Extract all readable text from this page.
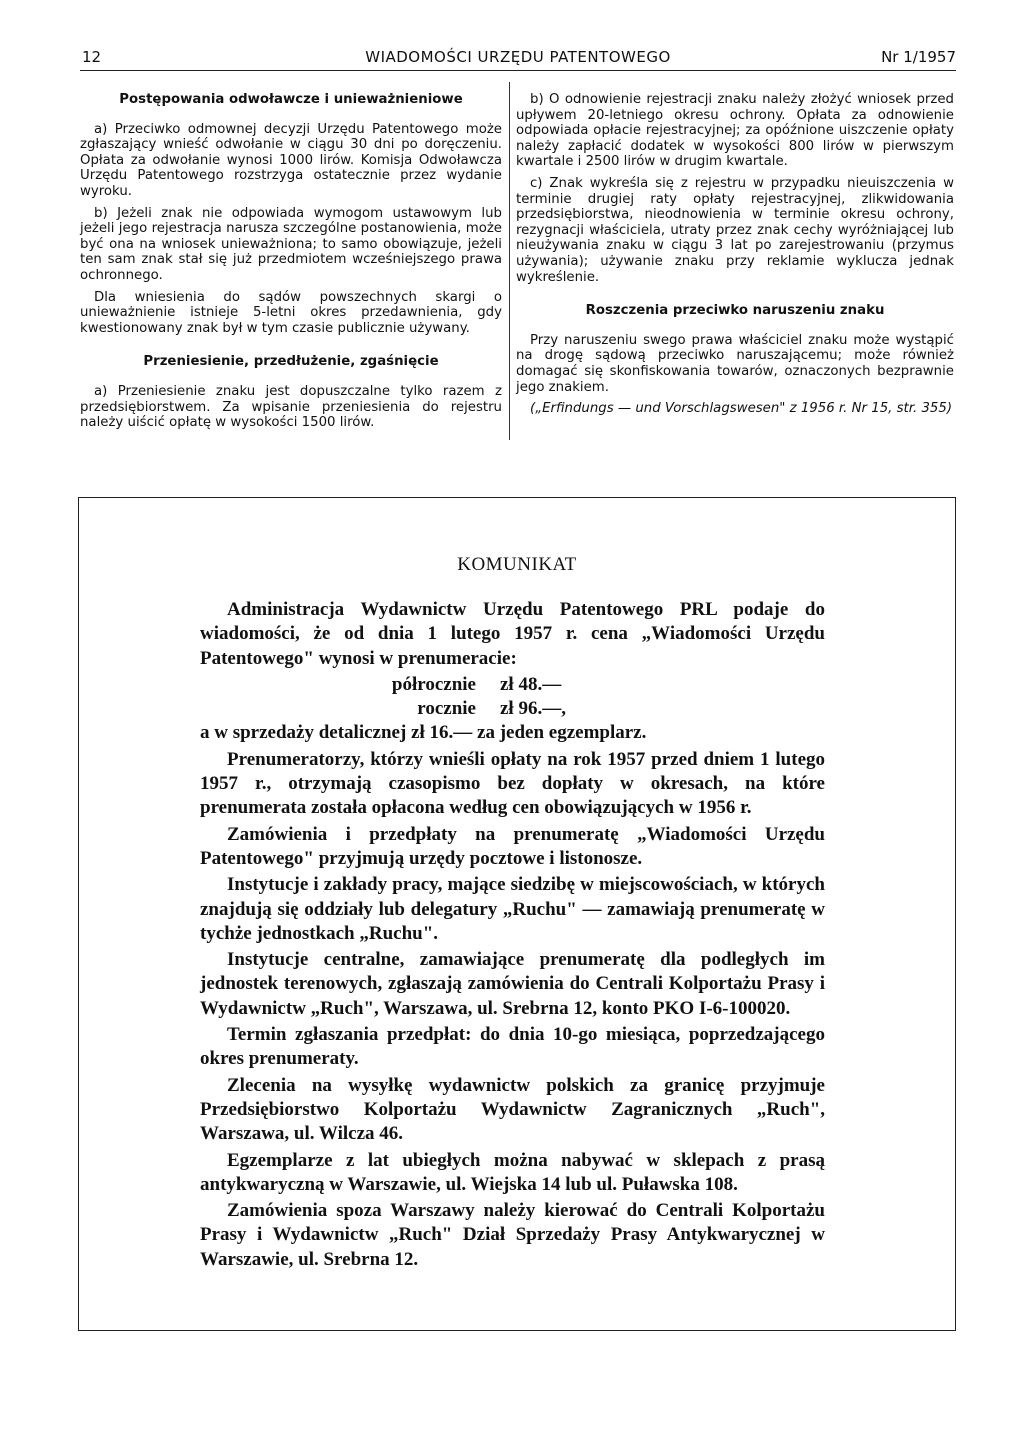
12	WIADOMOŚCI URZĘDU PATENTOWEGO	Nr 1/1957
Postępowania odwoławcze i unieważnieniowe

a) Przeciwko odmownej decyzji Urzędu Patentowego może zgłaszający wnieść odwołanie w ciągu 30 dni po doręczeniu. Opłata za odwołanie wynosi 1000 lirów. Komisja Odwoławcza Urzędu Patentowego rozstrzyga ostatecznie przez wydanie wyroku.

b) Jeżeli znak nie odpowiada wymogom ustawowym lub jeżeli jego rejestracja narusza szczególne postanowienia, może być ona na wniosek unieważniona; to samo obowiązuje, jeżeli ten sam znak stał się już przedmiotem wcześniejszego prawa ochronnego.

Dla wniesienia do sądów powszechnych skargi o unieważnienie istnieje 5-letni okres przedawnienia, gdy kwestionowany znak był w tym czasie publicznie używany.

Przeniesienie, przedłużenie, zgaśnięcie

a) Przeniesienie znaku jest dopuszczalne tylko razem z przedsiębiorstwem. Za wpisanie przeniesienia do rejestru należy uiścić opłatę w wysokości 1500 lirów.

b) O odnowienie rejestracji znaku należy złożyć wniosek przed upływem 20-letniego okresu ochrony. Opłata za odnowienie odpowiada opłacie rejestracyjnej; za opóźnione uiszczenie opłaty należy zapłacić dodatek w wysokości 800 lirów w pierwszym kwartale i 2500 lirów w drugim kwartale.

c) Znak wykreśla się z rejestru w przypadku nieuiszczenia w terminie drugiej raty opłaty rejestracyjnej, zlikwidowania przedsiębiorstwa, nieodnowienia w terminie okresu ochrony, rezygnacji właściciela, utraty przez znak cechy wyróżniającej lub nieużywania znaku w ciągu 3 lat po zarejestrowaniu (przymus używania); używanie znaku przy reklamie wyklucza jednak wykreślenie.

Roszczenia przeciwko naruszeniu znaku

Przy naruszeniu swego prawa właściciel znaku może wystąpić na drogę sądową przeciwko naruszającemu; może również domagać się skonfiskowania towarów, oznaczonych bezprawnie jego znakiem.

(„Erfindungs — und Vorschlagswesen" z 1956 r. Nr 15, str. 355)

KOMUNIKAT

Administracja Wydawnictw Urzędu Patentowego PRL podaje do wiadomości, że od dnia 1 lutego 1957 r. cena „Wiadomości Urzędu Patentowego" wynosi w prenumeracie:

półrocznie	zł 48.—
rocznie	zł 96.—,

a w sprzedaży detalicznej zł 16.— za jeden egzemplarz.

Prenumeratorzy, którzy wnieśli opłaty na rok 1957 przed dniem 1 lutego 1957 r., otrzymają czasopismo bez dopłaty w okresach, na które prenumerata została opłacona według cen obowiązujących w 1956 r.

Zamówienia i przedpłaty na prenumeratę „Wiadomości Urzędu Patentowego" przyjmują urzędy pocztowe i listonosze.

Instytucje i zakłady pracy, mające siedzibę w miejscowościach, w których znajdują się oddziały lub delegatury „Ruchu" — zamawiają prenumeratę w tychże jednostkach „Ruchu".

Instytucje centralne, zamawiające prenumeratę dla podległych im jednostek terenowych, zgłaszają zamówienia do Centrali Kolportażu Prasy i Wydawnictw „Ruch", Warszawa, ul. Srebrna 12, konto PKO I-6-100020.

Termin zgłaszania przedpłat: do dnia 10-go miesiąca, poprzedzającego okres prenumeraty.

Zlecenia na wysyłkę wydawnictw polskich za granicę przyjmuje Przedsiębiorstwo Kolportażu Wydawnictw Zagranicznych „Ruch", Warszawa, ul. Wilcza 46.

Egzemplarze z lat ubiegłych można nabywać w sklepach z prasą antykwaryczną w Warszawie, ul. Wiejska 14 lub ul. Puławska 108.

Zamówienia spoza Warszawy należy kierować do Centrali Kolportażu Prasy i Wydawnictw „Ruch" Dział Sprzedaży Prasy Antykwarycznej w Warszawie, ul. Srebrna 12.
